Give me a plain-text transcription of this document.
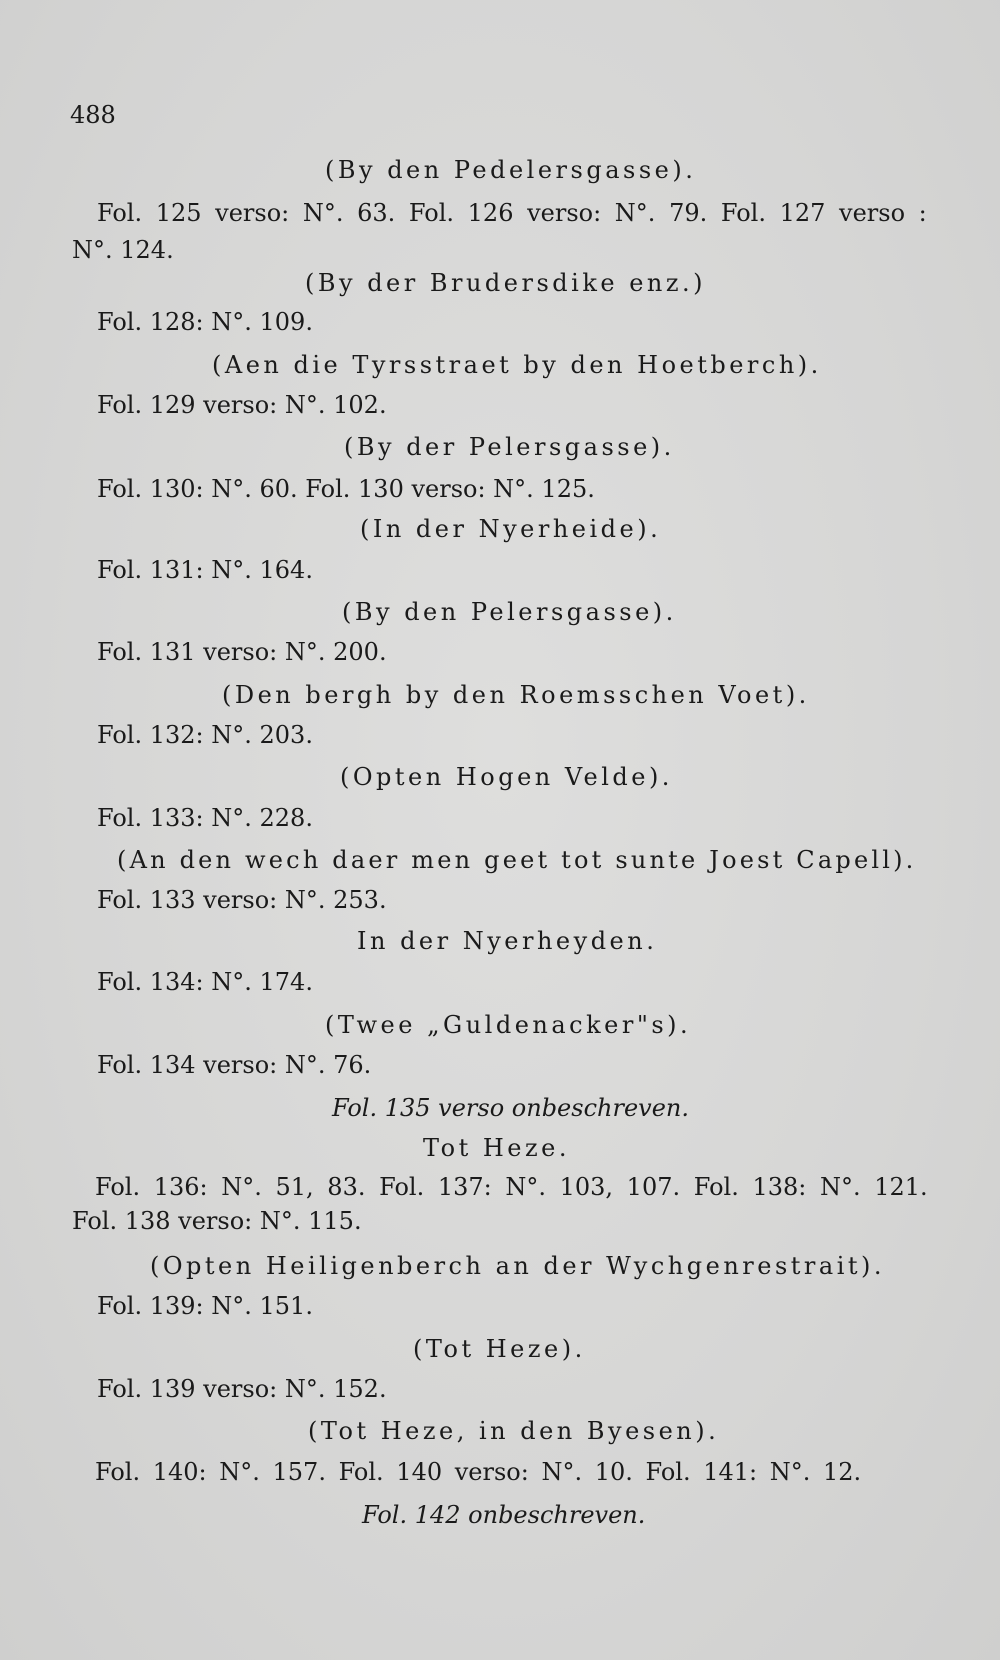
488
(By den Pedelersgasse).
Fol. 125 verso: N°. 63. Fol. 126 verso: N°. 79. Fol. 127 verso :
N°. 124.
(By der Brudersdike enz.)
Fol. 128: N°. 109.
(Aen die Tyrsstraet by den Hoetberch).
Fol. 129 verso: N°. 102.
(By der Pelersgasse).
Fol. 130: N°. 60. Fol. 130 verso: N°. 125.
(In der Nyerheide).
Fol. 131: N°. 164.
(By den Pelersgasse).
Fol. 131 verso: N°. 200.
(Den bergh by den Roemsschen Voet).
Fol. 132: N°. 203.
(Opten Hogen Velde).
Fol. 133: N°. 228.
(An den wech daer men geet tot sunte Joest Capell).
Fol. 133 verso: N°. 253.
In der Nyerheyden.
Fol. 134: N°. 174.
(Twee „Guldenacker"s).
Fol. 134 verso: N°. 76.
Fol. 135 verso onbeschreven.
Tot Heze.
Fol. 136: N°. 51, 83. Fol. 137: N°. 103, 107. Fol. 138: N°. 121.
Fol. 138 verso: N°. 115.
(Opten Heiligenberch an der Wychgenrestrait).
Fol. 139: N°. 151.
(Tot Heze).
Fol. 139 verso: N°. 152.
(Tot Heze, in den Byesen).
Fol. 140: N°. 157. Fol. 140 verso: N°. 10. Fol. 141: N°. 12.
Fol. 142 onbeschreven.
